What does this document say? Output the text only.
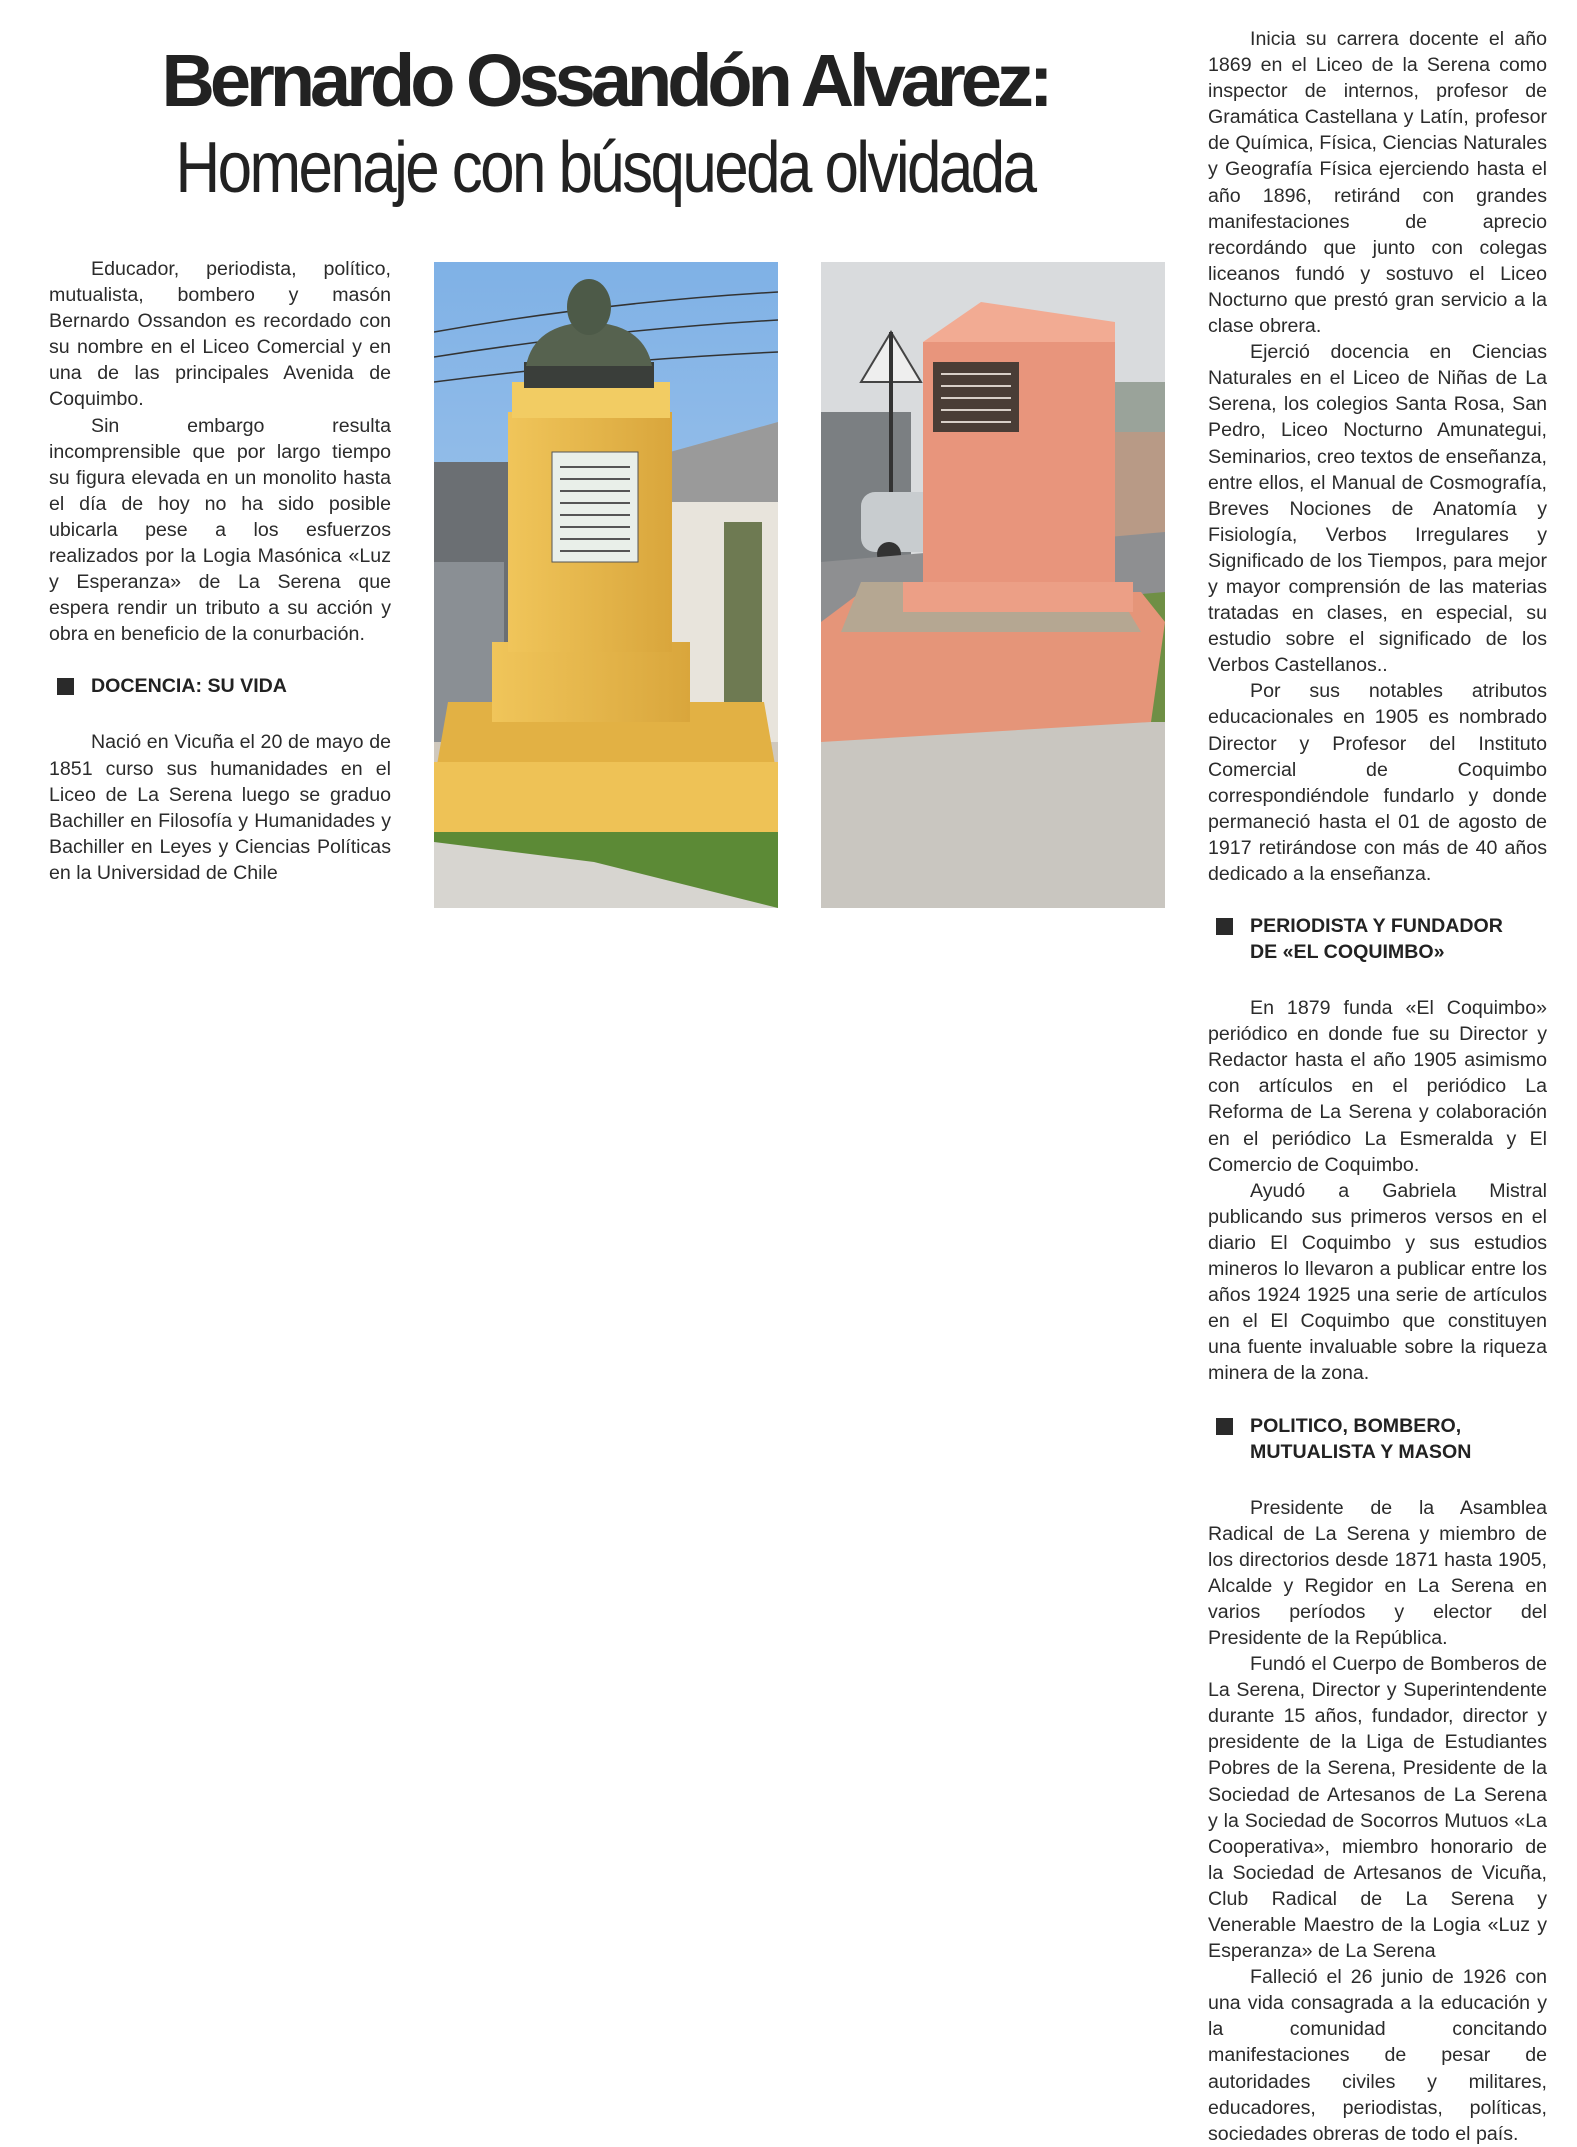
Bernardo Ossandón Alvarez:
Homenaje con búsqueda olvidada

Educador, periodista, político, mutualista, bombero y masón Bernardo Ossandon es recordado con su nombre en el Liceo Comercial y en una de las principales Avenida de Coquimbo.

Sin embargo resulta incomprensible que por largo tiempo su figura elevada en un monolito hasta el día de hoy no ha sido posible ubicarla pese a los esfuerzos realizados por la Logia Masónica «Luz y Esperanza» de La Serena que espera rendir un tributo a su acción y obra en beneficio de la conurbación.

DOCENCIA: SU VIDA

Nació en Vicuña el 20 de mayo de 1851 curso sus humanidades en el Liceo de La Serena luego se graduo Bachiller en Filosofía y Humanidades y Bachiller en Leyes y Ciencias Políticas en la Universidad de Chile

Inicia su carrera docente el año 1869 en el Liceo de la Serena como inspector de internos, profesor de Gramática Castellana y Latín, profesor de Química, Física, Ciencias Naturales y Geografía Física ejerciendo hasta el año 1896, retiránd con grandes manifestaciones de aprecio recordándo que junto con colegas liceanos fundó y sostuvo el Liceo Nocturno que prestó gran servicio a la clase obrera.

Ejerció docencia en Ciencias Naturales en el Liceo de Niñas de La Serena, los colegios Santa Rosa, San Pedro, Liceo Nocturno Amunategui, Seminarios, creo textos de enseñanza, entre ellos, el Manual de Cosmografía, Breves Nociones de Anatomía y Fisiología, Verbos Irregulares y Significado de los Tiempos, para mejor y mayor comprensión de las materias tratadas en clases, en especial, su estudio sobre el significado de los Verbos Castellanos..

Por sus notables atributos educacionales en 1905 es nombrado Director y Profesor del Instituto Comercial de Coquimbo correspondiéndole fundarlo y donde permaneció hasta el 01 de agosto de 1917 retirándose con más de 40 años dedicado a la enseñanza.

PERIODISTA Y FUNDADOR
DE «EL COQUIMBO»

En 1879 funda «El Coquimbo» periódico en donde fue su Director y Redactor hasta el año 1905 asimismo con artículos en el periódico La Reforma de La Serena y colaboración en el periódico La Esmeralda y El Comercio de Coquimbo.

Ayudó a Gabriela Mistral publicando sus primeros versos en el diario El Coquimbo y sus estudios mineros lo llevaron a publicar entre los años 1924 1925 una serie de artículos en el El Coquimbo que constituyen una fuente invaluable sobre la riqueza minera de la zona.

POLITICO, BOMBERO,
MUTUALISTA Y MASON

Presidente de la Asamblea Radical de La Serena y miembro de los directorios desde 1871 hasta 1905, Alcalde y Regidor en La Serena en varios períodos y elector del Presidente de la República.

Fundó el Cuerpo de Bomberos de La Serena, Director y Superintendente durante 15 años, fundador, director y presidente de la Liga de Estudiantes Pobres de la Serena, Presidente de la Sociedad de Artesanos de La Serena y la Sociedad de Socorros Mutuos «La Cooperativa», miembro honorario de la Sociedad de Artesanos de Vicuña, Club Radical de La Serena y Venerable Maestro de la Logia «Luz y Esperanza» de La Serena

Falleció el 26 junio de 1926 con una vida consagrada a la educación y la comunidad concitando manifestaciones de pesar de autoridades civiles y militares, educadores, periodistas, políticas, sociedades obreras de todo el país.
